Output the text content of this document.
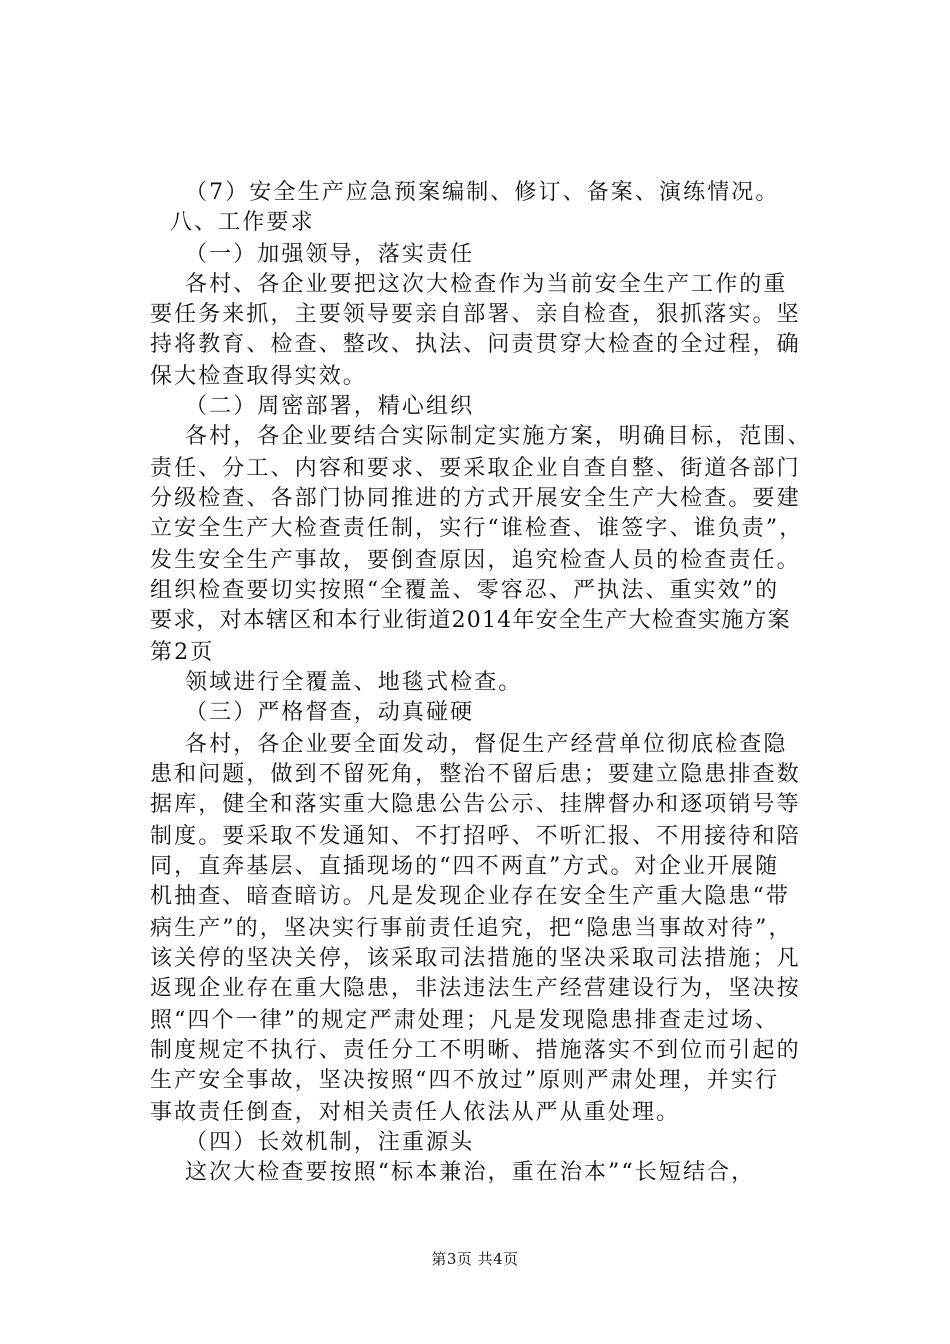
（7）安全生产应急预案编制、修订、备案、演练情况。

八、工作要求

（一）加强领导，落实责任

各村、各企业要把这次大检查作为当前安全生产工作的重

要任务来抓，主要领导要亲自部署、亲自检查，狠抓落实。坚

持将教育、检查、整改、执法、问责贯穿大检查的全过程，确

保大检查取得实效。

（二）周密部署，精心组织

各村，各企业要结合实际制定实施方案，明确目标，范围、

责任、分工、内容和要求、要采取企业自查自整、街道各部门

分级检查、各部门协同推进的方式开展安全生产大检查。要建

立安全生产大检查责任制，实行“谁检查、谁签字、谁负责”，

发生安全生产事故，要倒查原因，追究检查人员的检查责任。

组织检查要切实按照“全覆盖、零容忍、严执法、重实效”的

要求，对本辖区和本行业街道2014年安全生产大检查实施方案

第2页

领域进行全覆盖、地毯式检查。

（三）严格督查，动真碰硬

各村，各企业要全面发动，督促生产经营单位彻底检查隐

患和问题，做到不留死角，整治不留后患；要建立隐患排查数

据库，健全和落实重大隐患公告公示、挂牌督办和逐项销号等

制度。要采取不发通知、不打招呼、不听汇报、不用接待和陪

同，直奔基层、直插现场的“四不两直”方式。对企业开展随

机抽查、暗查暗访。凡是发现企业存在安全生产重大隐患“带

病生产”的，坚决实行事前责任追究，把“隐患当事故对待”，

该关停的坚决关停，该采取司法措施的坚决采取司法措施；凡

返现企业存在重大隐患，非法违法生产经营建设行为，坚决按

照“四个一律”的规定严肃处理；凡是发现隐患排查走过场、

制度规定不执行、责任分工不明晰、措施落实不到位而引起的

生产安全事故，坚决按照“四不放过”原则严肃处理，并实行

事故责任倒查，对相关责任人依法从严从重处理。

（四）长效机制，注重源头

这次大检查要按照“标本兼治，重在治本”“长短结合，

第3页 共4页
